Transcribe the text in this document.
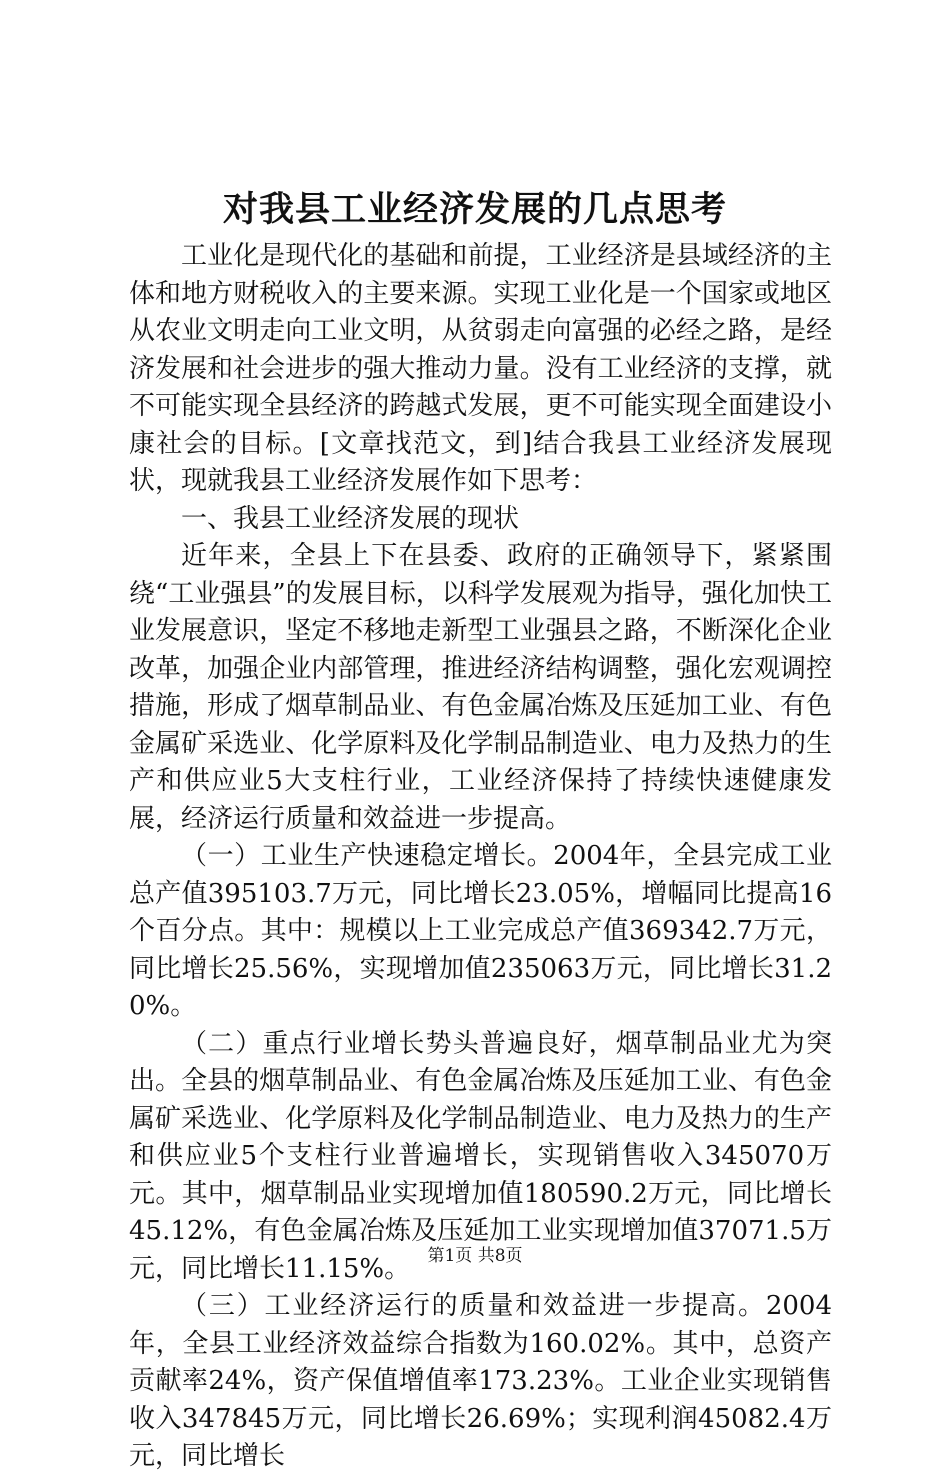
对我县工业经济发展的几点思考

工业化是现代化的基础和前提，工业经济是县域经济的主体和地方财税收入的主要来源。实现工业化是一个国家或地区从农业文明走向工业文明，从贫弱走向富强的必经之路，是经济发展和社会进步的强大推动力量。没有工业经济的支撑，就不可能实现全县经济的跨越式发展，更不可能实现全面建设小康社会的目标。[文章找范文，到]结合我县工业经济发展现状，现就我县工业经济发展作如下思考：

一、我县工业经济发展的现状

近年来，全县上下在县委、政府的正确领导下，紧紧围绕“工业强县”的发展目标，以科学发展观为指导，强化加快工业发展意识，坚定不移地走新型工业强县之路，不断深化企业改革，加强企业内部管理，推进经济结构调整，强化宏观调控措施，形成了烟草制品业、有色金属冶炼及压延加工业、有色金属矿采选业、化学原料及化学制品制造业、电力及热力的生产和供应业5大支柱行业，工业经济保持了持续快速健康发展，经济运行质量和效益进一步提高。

（一）工业生产快速稳定增长。2004年，全县完成工业总产值395103.7万元，同比增长23.05%，增幅同比提高16个百分点。其中：规模以上工业完成总产值369342.7万元，同比增长25.56%，实现增加值235063万元，同比增长31.20%。

（二）重点行业增长势头普遍良好，烟草制品业尤为突出。全县的烟草制品业、有色金属冶炼及压延加工业、有色金属矿采选业、化学原料及化学制品制造业、电力及热力的生产和供应业5个支柱行业普遍增长，实现销售收入345070万元。其中，烟草制品业实现增加值180590.2万元，同比增长45.12%，有色金属冶炼及压延加工业实现增加值37071.5万元，同比增长11.15%。

（三）工业经济运行的质量和效益进一步提高。2004年，全县工业经济效益综合指数为160.02%。其中，总资产贡献率24%，资产保值增值率173.23%。工业企业实现销售收入347845万元，同比增长26.69%；实现利润45082.4万元，同比增长

第1页 共8页
